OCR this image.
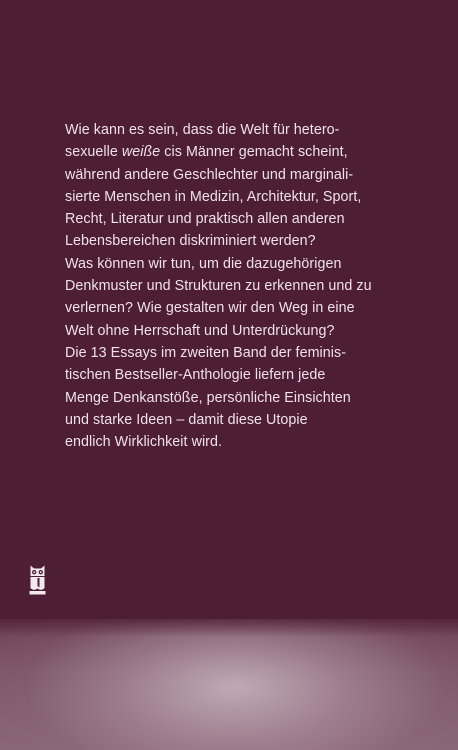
Wie kann es sein, dass die Welt für hetero-
sexuelle weiße cis Männer gemacht scheint,
während andere Geschlechter und marginali-
sierte Menschen in Medizin, Architektur, Sport,
Recht, Literatur und praktisch allen anderen
Lebensbereichen diskriminiert werden?
Was können wir tun, um die dazugehörigen
Denkmuster und Strukturen zu erkennen und zu
verlernen? Wie gestalten wir den Weg in eine
Welt ohne Herrschaft und Unterdrückung?
Die 13 Essays im zweiten Band der feminis-
tischen Bestseller-Anthologie liefern jede
Menge Denkanstöße, persönliche Einsichten
und starke Ideen – damit diese Utopie
endlich Wirklichkeit wird.
